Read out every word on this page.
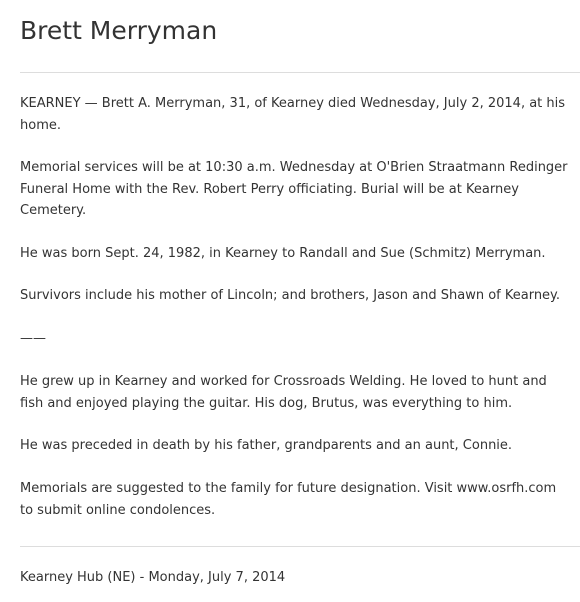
Brett Merryman

KEARNEY — Brett A. Merryman, 31, of Kearney died Wednesday, July 2, 2014, at his home.

Memorial services will be at 10:30 a.m. Wednesday at O'Brien Straatmann Redinger Funeral Home with the Rev. Robert Perry officiating. Burial will be at Kearney Cemetery.

He was born Sept. 24, 1982, in Kearney to Randall and Sue (Schmitz) Merryman.

Survivors include his mother of Lincoln; and brothers, Jason and Shawn of Kearney.

——

He grew up in Kearney and worked for Crossroads Welding. He loved to hunt and fish and enjoyed playing the guitar. His dog, Brutus, was everything to him.

He was preceded in death by his father, grandparents and an aunt, Connie.

Memorials are suggested to the family for future designation. Visit www.osrfh.com to submit online condolences.

Kearney Hub (NE) - Monday, July 7, 2014
